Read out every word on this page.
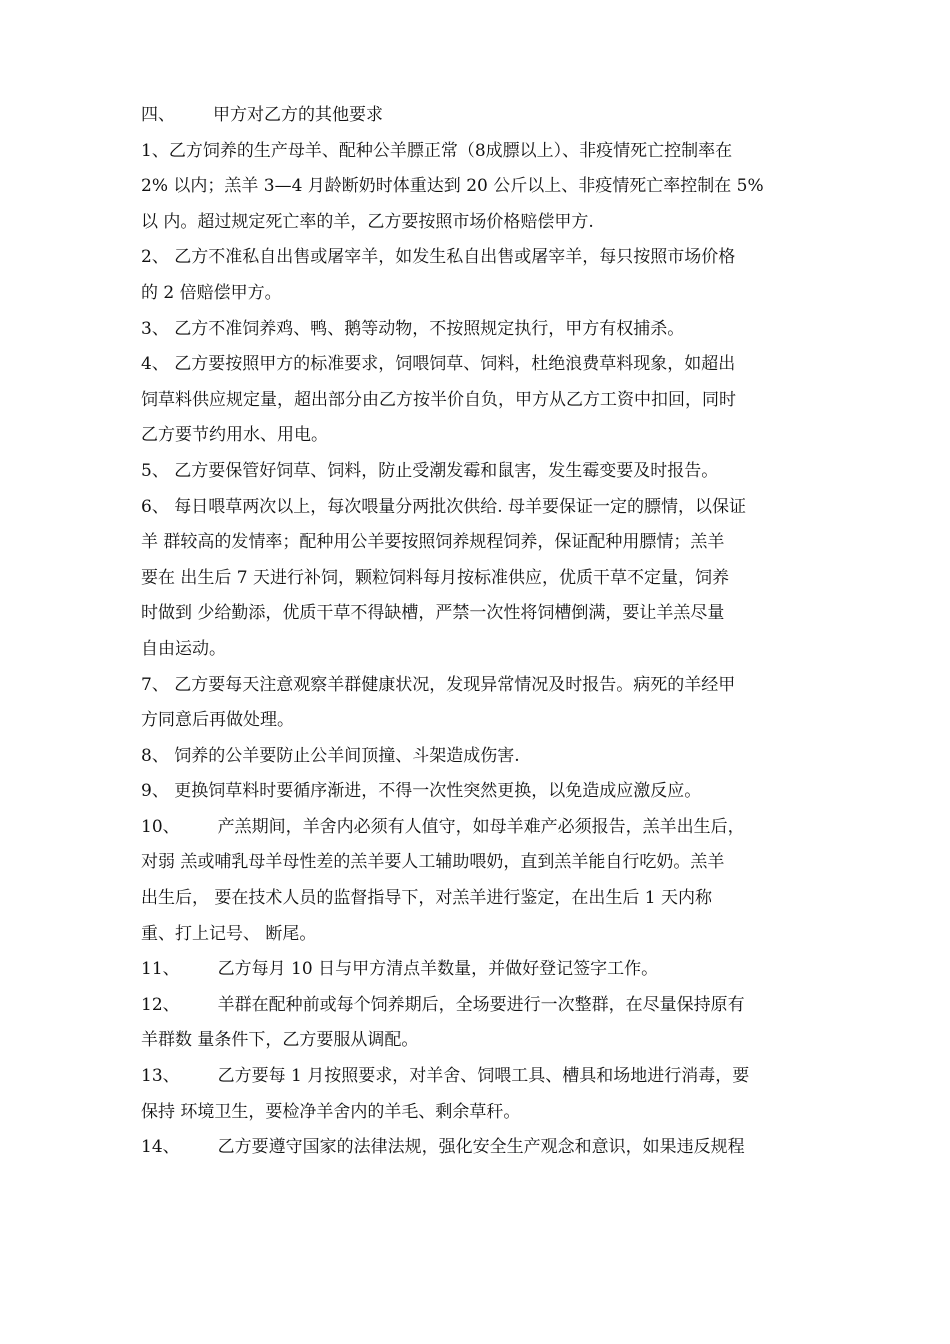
四、 甲方对乙方的其他要求
1、乙方饲养的生产母羊、配种公羊膘正常（8成膘以上）、非疫情死亡控制率在
2% 以内；羔羊 3—4 月龄断奶时体重达到 20 公斤以上、非疫情死亡率控制在 5%
以 内。超过规定死亡率的羊，乙方要按照市场价格赔偿甲方.
2、 乙方不准私自出售或屠宰羊，如发生私自出售或屠宰羊，每只按照市场价格
的 2 倍赔偿甲方。
3、 乙方不准饲养鸡、鸭、鹅等动物，不按照规定执行，甲方有权捕杀。
4、 乙方要按照甲方的标准要求，饲喂饲草、饲料，杜绝浪费草料现象，如超出
饲草料供应规定量，超出部分由乙方按半价自负，甲方从乙方工资中扣回，同时
乙方要节约用水、用电。
5、 乙方要保管好饲草、饲料，防止受潮发霉和鼠害，发生霉变要及时报告。
6、 每日喂草两次以上，每次喂量分两批次供给. 母羊要保证一定的膘情，以保证
羊 群较高的发情率；配种用公羊要按照饲养规程饲养，保证配种用膘情；羔羊
要在 出生后 7 天进行补饲，颗粒饲料每月按标准供应，优质干草不定量，饲养
时做到 少给勤添，优质干草不得缺槽，严禁一次性将饲槽倒满，要让羊羔尽量
自由运动。
7、 乙方要每天注意观察羊群健康状况，发现异常情况及时报告。病死的羊经甲
方同意后再做处理。
8、 饲养的公羊要防止公羊间顶撞、斗架造成伤害.
9、 更换饲草料时要循序渐进，不得一次性突然更换，以免造成应激反应。
10、 产羔期间，羊舍内必须有人值守，如母羊难产必须报告，羔羊出生后，
对弱 羔或哺乳母羊母性差的羔羊要人工辅助喂奶，直到羔羊能自行吃奶。羔羊
出生后， 要在技术人员的监督指导下，对羔羊进行鉴定，在出生后 1 天内称
重、打上记号、 断尾。
11、 乙方每月 10 日与甲方清点羊数量，并做好登记签字工作。
12、 羊群在配种前或每个饲养期后，全场要进行一次整群，在尽量保持原有
羊群数 量条件下，乙方要服从调配。
13、 乙方要每 1 月按照要求，对羊舍、饲喂工具、槽具和场地进行消毒，要
保持 环境卫生，要检净羊舍内的羊毛、剩余草秆。
14、 乙方要遵守国家的法律法规，强化安全生产观念和意识，如果违反规程
